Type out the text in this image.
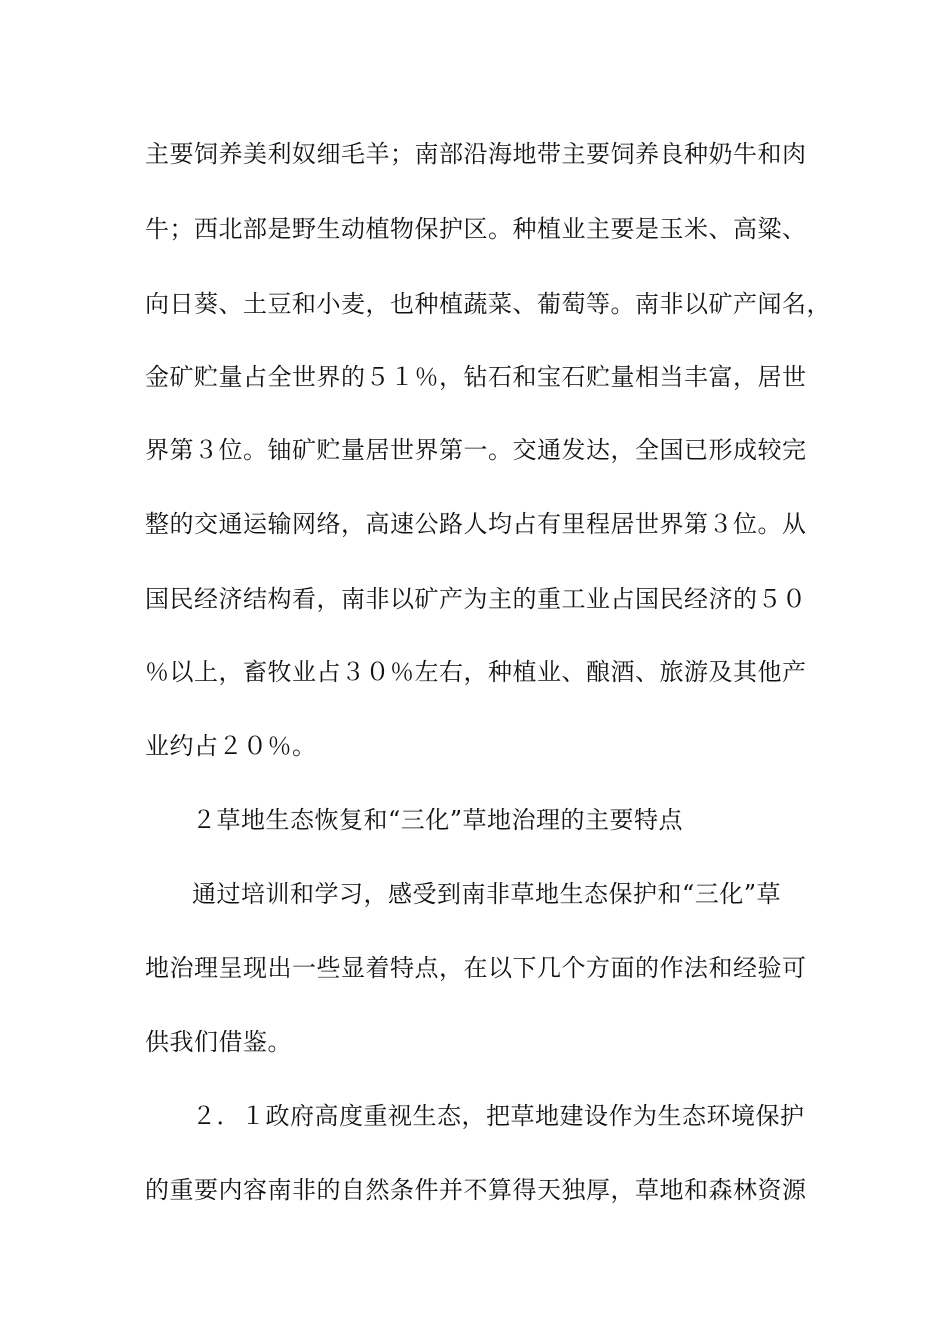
主要饲养美利奴细毛羊；南部沿海地带主要饲养良种奶牛和肉
牛；西北部是野生动植物保护区。种植业主要是玉米、高粱、
向日葵、土豆和小麦，也种植蔬菜、葡萄等。南非以矿产闻名，
金矿贮量占全世界的５１％，钻石和宝石贮量相当丰富，居世
界第３位。铀矿贮量居世界第一。交通发达，全国已形成较完
整的交通运输网络，高速公路人均占有里程居世界第３位。从
国民经济结构看，南非以矿产为主的重工业占国民经济的５０
％以上，畜牧业占３０％左右，种植业、酿酒、旅游及其他产
业约占２０％。
２草地生态恢复和“三化”草地治理的主要特点
通过培训和学习，感受到南非草地生态保护和“三化”草
地治理呈现出一些显着特点，在以下几个方面的作法和经验可
供我们借鉴。
２．１政府高度重视生态，把草地建设作为生态环境保护
的重要内容南非的自然条件并不算得天独厚，草地和森林资源
